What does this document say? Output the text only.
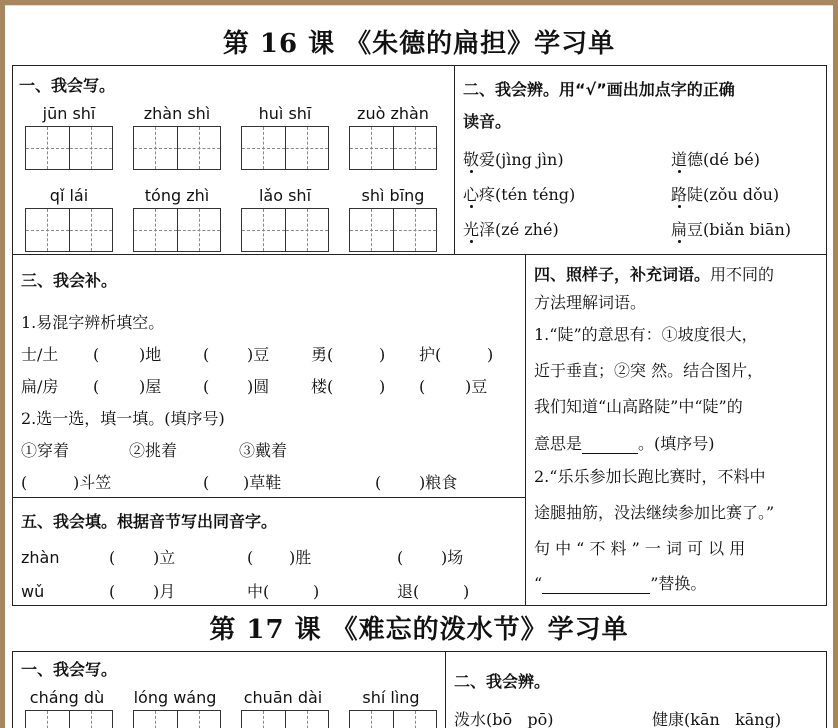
第 16 课 《朱德的扁担》学习单
一、我会写。
jūn shī	zhàn shì	huì shī	zuò zhàn
qǐ lái	tóng zhì	lǎo shī	shì bīng
二、我会辨。用“√”画出加点字的正确
读音。
敬爱(jìng jìn)	道德(dé bé)
心疼(tén téng)	路陡(zǒu dǒu)
光泽(zé zhé)	扁豆(biǎn biān)
三、我会补。
1.易混字辨析填空。
士/土 ( )地	( )豆	勇(	) 护(	)
扁/房 ( )屋	( )圆	楼(	) ( )豆
2.选一选，填一填。(填序号)
①穿着	②挑着	③戴着
(	)斗笠	( )草鞋	( )粮食
四、照样子，补充词语。用不同的
方法理解词语。
1.“陡”的意思有：①坡度很大，
近于垂直；②突 然。结合图片，
我们知道“山高路陡”中“陡”的
意思是	。(填序号)
2.“乐乐参加长跑比赛时，不料中
途腿抽筋，没法继续参加比赛了。”
句 中 “ 不 料 ” 一 词 可 以 用
“	”替换。
五、我会填。根据音节写出同音字。
zhàn	( )立	( )胜	( )场
wǔ	( )月	中(	)	退(	)
第 17 课 《难忘的泼水节》学习单
一、我会写。
cháng dù	lóng wáng	chuān dài	shí lìng
二、我会辨。
泼水(bō pō)	健康(kān kāng)
